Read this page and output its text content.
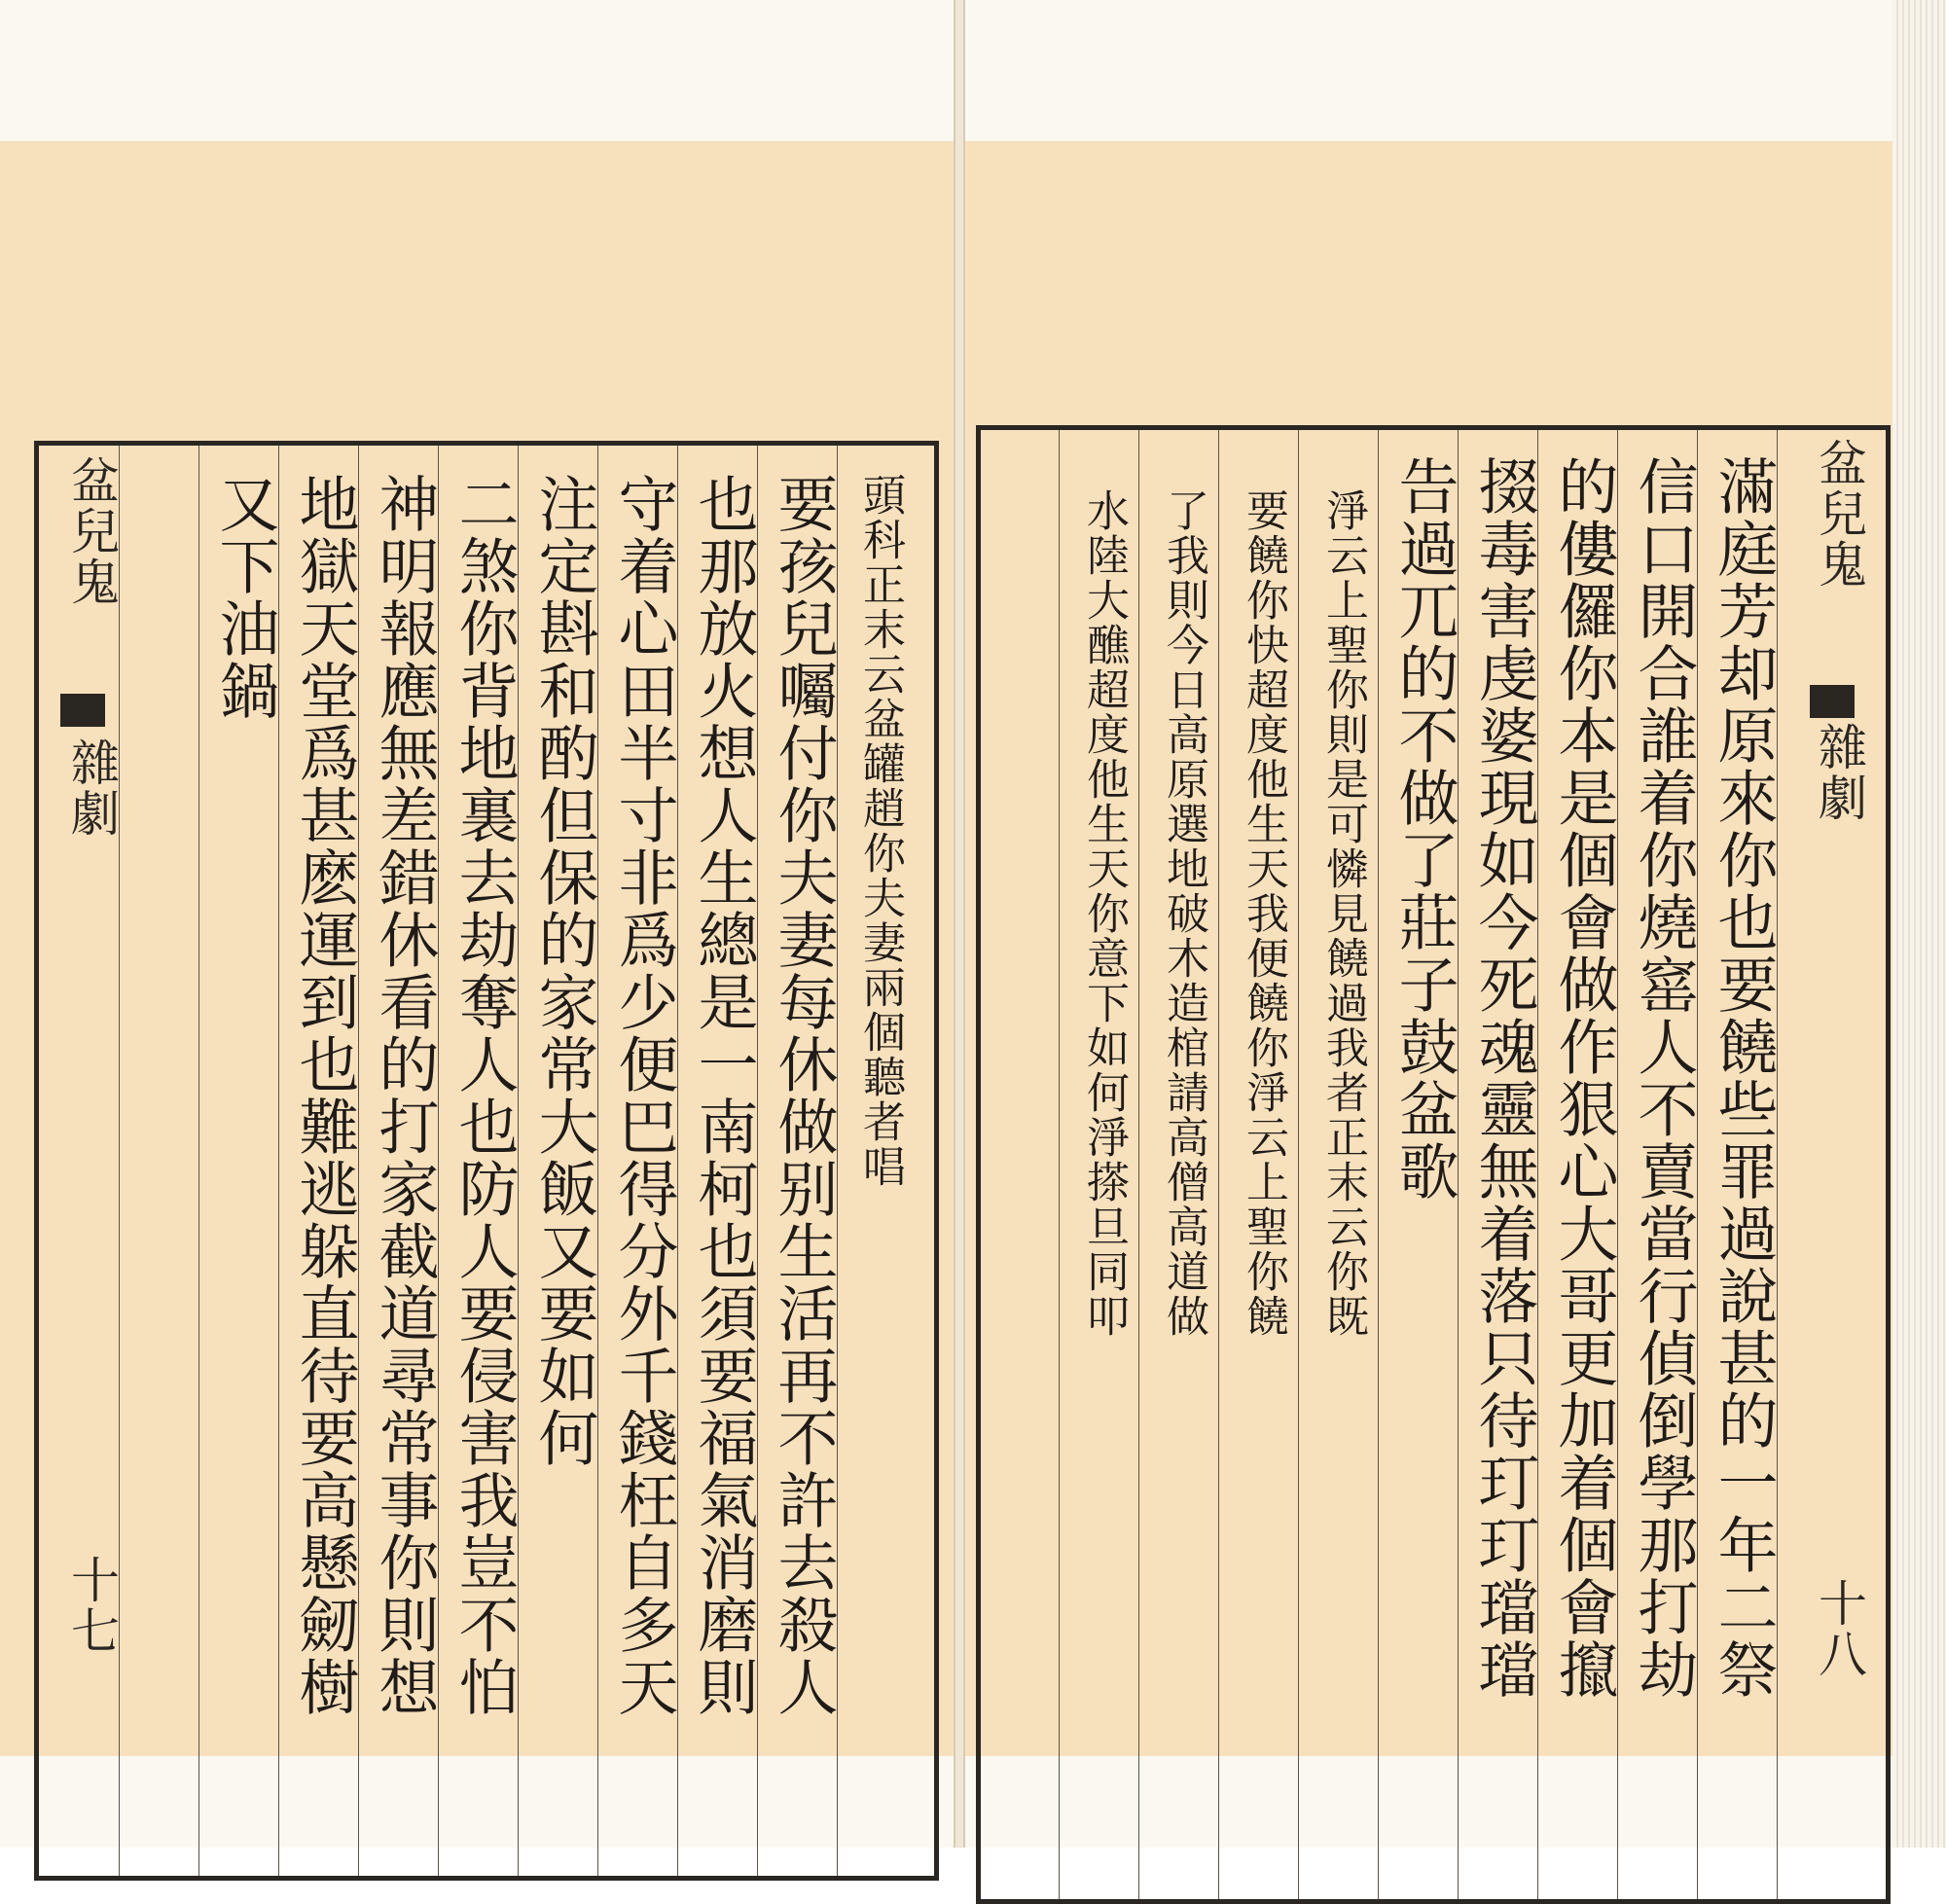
頭科正末云盆罐趙你夫妻兩個聽者唱
要孩兒囑付你夫妻每休做别生活再不許去殺人
也那放火想人生總是一南柯也須要福氣消磨則
守着心田半寸非爲少便巴得分外千錢枉自多天
注定斟和酌但保的家常大飯又要如何
二煞你背地裏去劫奪人也防人要侵害我豈不怕
神明報應無差錯休看的打家截道尋常事你則想
地獄天堂爲甚麽運到也難逃躲直待要高懸劒樹
又下油鍋
盆兒鬼
雜劇
十七
盆兒鬼
雜劇
十八
滿庭芳却原來你也要饒些罪過說甚的一年二祭
信口開合誰着你燒窰人不賣當行偵倒學那打劫
的僂儸你本是個會做作狠心大哥更加着個會攛
掇毒害虔婆現如今死魂靈無着落只待玎玎璫璫
告過兀的不做了莊子鼓盆歌
淨云上聖你則是可憐見饒過我者正末云你既
要饒你快超度他生天我便饒你淨云上聖你饒
了我則今日高原選地破木造棺請高僧高道做
水陸大醮超度他生天你意下如何淨搽旦同叩
